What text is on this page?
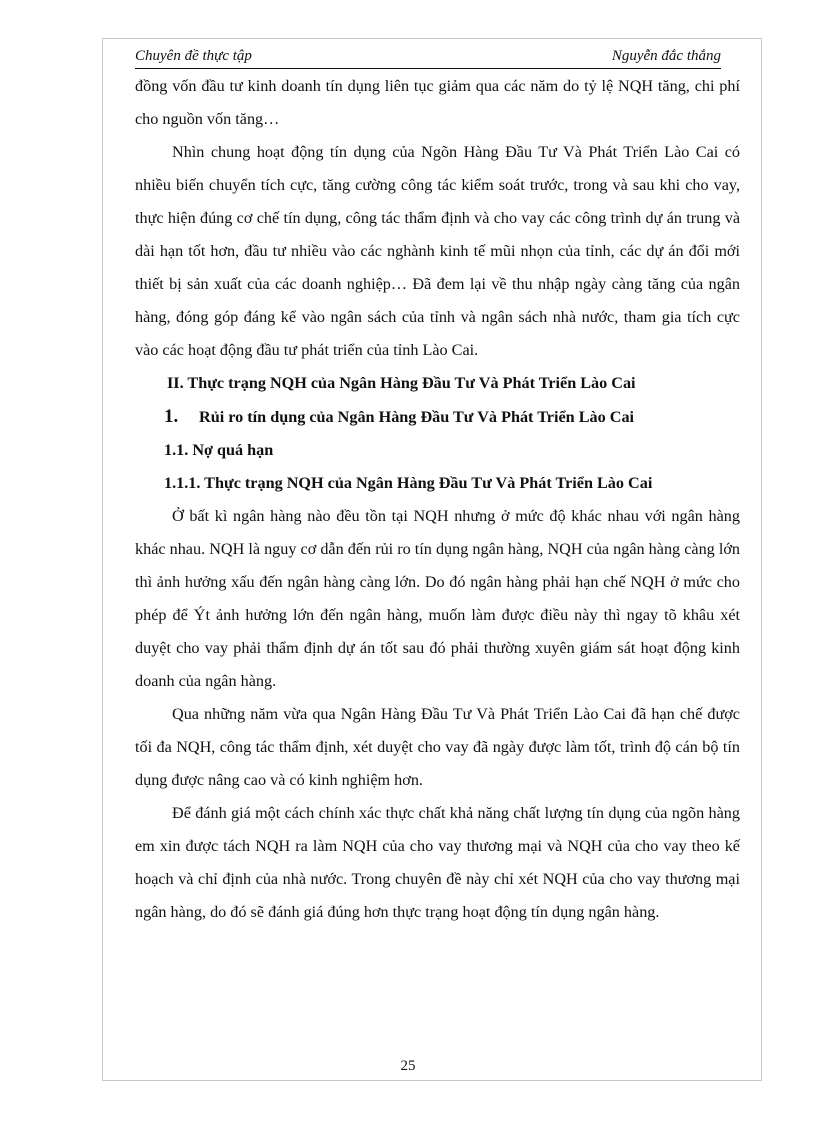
Chuyên đề thực tập	Nguyễn đắc thắng

đồng vốn đầu tư kinh doanh tín dụng liên tục giảm qua các năm do tỷ lệ NQH tăng, chi phí cho nguồn vốn tăng…

Nhìn chung hoạt động tín dụng của Ngõn Hàng Đầu Tư Và Phát Triển Lào Cai có nhiều biến chuyển tích cực, tăng cường công tác kiểm soát trước, trong và sau khi cho vay, thực hiện đúng cơ chế tín dụng, công tác thẩm định và cho vay các công trình dự án trung và dài hạn tốt hơn, đầu tư nhiều vào các nghành kinh tế mũi nhọn của tỉnh, các dự án đổi mới thiết bị sản xuất của các doanh nghiệp… Đã đem lại về thu nhập ngày càng tăng của ngân hàng, đóng góp đáng kể vào ngân sách của tỉnh và ngân sách nhà nước, tham gia tích cực vào các hoạt động đầu tư phát triển của tỉnh Lào Cai.

II. Thực trạng NQH của Ngân Hàng Đầu Tư Và Phát Triển Lào Cai

1. Rủi ro tín dụng của Ngân Hàng Đầu Tư Và Phát Triển Lào Cai

1.1. Nợ quá hạn

1.1.1. Thực trạng NQH của Ngân Hàng Đầu Tư Và Phát Triển Lào Cai

Ở bất kì ngân hàng nào đều tồn tại NQH nhưng ở mức độ khác nhau với ngân hàng khác nhau. NQH là nguy cơ dẫn đến rủi ro tín dụng ngân hàng, NQH của ngân hàng càng lớn thì ảnh hưởng xấu đến ngân hàng càng lớn. Do đó ngân hàng phải hạn chế NQH ở mức cho phép để Ýt ảnh hưởng lớn đến ngân hàng, muốn làm được điều này thì ngay tõ khâu xét duyệt cho vay phải thẩm định dự án tốt sau đó phải thường xuyên giám sát hoạt động kinh doanh của ngân hàng.

Qua những năm vừa qua Ngân Hàng Đầu Tư Và Phát Triển Lào Cai đã hạn chế được tối đa NQH, công tác thẩm định, xét duyệt cho vay đã ngày được làm tốt, trình độ cán bộ tín dụng được nâng cao và có kinh nghiệm hơn.

Để đánh giá một cách chính xác thực chất khả năng chất lượng tín dụng của ngõn hàng em xin được tách NQH ra làm NQH của cho vay thương mại và NQH của cho vay theo kế hoạch và chỉ định của nhà nước. Trong chuyên đề này chỉ xét NQH của cho vay thương mại ngân hàng, do đó sẽ đánh giá đúng hơn thực trạng hoạt động tín dụng ngân hàng.

25
